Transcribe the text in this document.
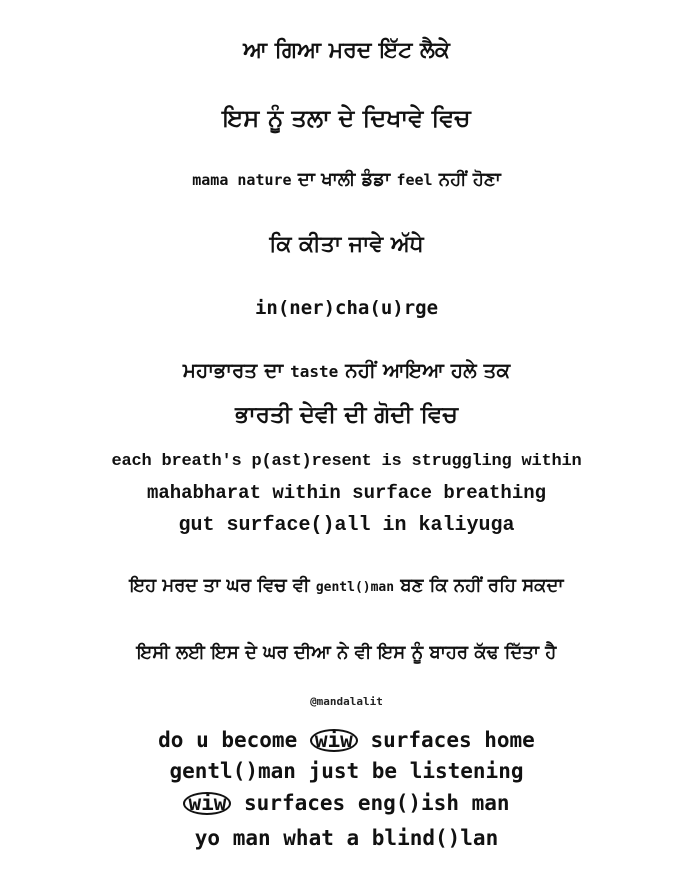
ਆ ਗਿਆ ਮਰਦ ਇੱਟ ਲੈਕੇ
ਇਸ ਨੂੰ ਤਲਾ ਦੇ ਦਿਖਾਵੇ ਵਿਚ
mama nature ਦਾ ਖਾਲੀ ਡੰਡਾ feel ਨਹੀਂ ਹੋਣਾ
ਕਿ ਕੀਤਾ ਜਾਵੇ ਅੱਧੇ
in(ner)cha(u)rge
ਮਹਾਭਾਰਤ ਦਾ taste ਨਹੀਂ ਆਇਆ ਹਲੇ ਤਕ
ਭਾਰਤੀ ਦੇਵੀ ਦੀ ਗੋਦੀ ਵਿਚ
each breath's p(ast)resent is struggling within
mahabharat within surface breathing
gut surface()all in kaliyuga
ਇਹ ਮਰਦ ਤਾ ਘਰ ਵਿਚ ਵੀ gentl()man ਬਣ ਕਿ ਨਹੀਂ ਰਹਿ ਸਕਦਾ
ਇਸੀ ਲਈ ਇਸ ਦੇ ਘਰ ਦੀਆ ਨੇ ਵੀ ਇਸ ਨੂੰ ਬਾਹਰ ਕੱਢ ਦਿੱਤਾ ਹੈ
@mandalalit
do u become wiw surfaces home
gentl()man just be listening
wiw surfaces eng()ish man
yo man what a blind()lan
